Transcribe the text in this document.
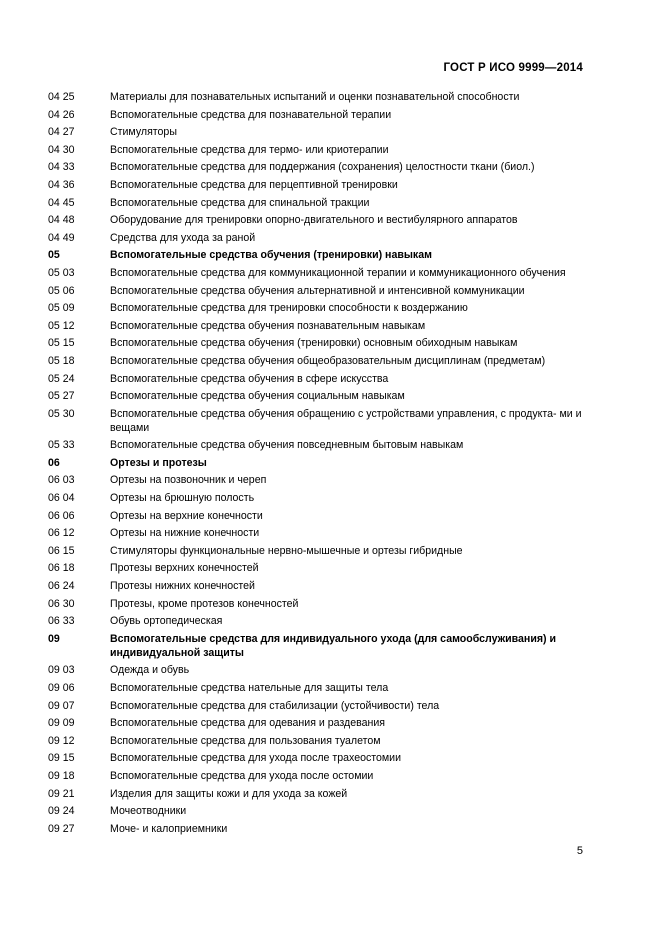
ГОСТ Р ИСО 9999—2014
04 25	Материалы для познавательных испытаний и оценки познавательной способности
04 26	Вспомогательные средства для познавательной терапии
04 27	Стимуляторы
04 30	Вспомогательные средства для термо- или криотерапии
04 33	Вспомогательные средства для поддержания (сохранения) целостности ткани (биол.)
04 36	Вспомогательные средства для перцептивной тренировки
04 45	Вспомогательные средства для спинальной тракции
04 48	Оборудование для тренировки опорно-двигательного и вестибулярного аппаратов
04 49	Средства для ухода за раной
05	Вспомогательные средства обучения (тренировки) навыкам
05 03	Вспомогательные средства для коммуникационной терапии и коммуникационного обучения
05 06	Вспомогательные средства обучения альтернативной и интенсивной коммуникации
05 09	Вспомогательные средства для тренировки способности к воздержанию
05 12	Вспомогательные средства обучения познавательным навыкам
05 15	Вспомогательные средства обучения (тренировки) основным обиходным навыкам
05 18	Вспомогательные средства обучения общеобразовательным дисциплинам (предметам)
05 24	Вспомогательные средства обучения в сфере искусства
05 27	Вспомогательные средства обучения социальным навыкам
05 30	Вспомогательные средства обучения обращению с устройствами управления, с продукта- ми и вещами
05 33	Вспомогательные средства обучения повседневным бытовым навыкам
06	Ортезы и протезы
06 03	Ортезы на позвоночник и череп
06 04	Ортезы на брюшную полость
06 06	Ортезы на верхние конечности
06 12	Ортезы на нижние конечности
06 15	Стимуляторы функциональные нервно-мышечные и ортезы гибридные
06 18	Протезы верхних конечностей
06 24	Протезы нижних конечностей
06 30	Протезы, кроме протезов конечностей
06 33	Обувь ортопедическая
09	Вспомогательные средства для индивидуального ухода (для самообслуживания) и индивидуальной защиты
09 03	Одежда и обувь
09 06	Вспомогательные средства нательные для защиты тела
09 07	Вспомогательные средства для стабилизации (устойчивости) тела
09 09	Вспомогательные средства для одевания и раздевания
09 12	Вспомогательные средства для пользования туалетом
09 15	Вспомогательные средства для ухода после трахеостомии
09 18	Вспомогательные средства для ухода после остомии
09 21	Изделия для защиты кожи и для ухода за кожей
09 24	Мочеотводники
09 27	Моче- и калоприемники
5
